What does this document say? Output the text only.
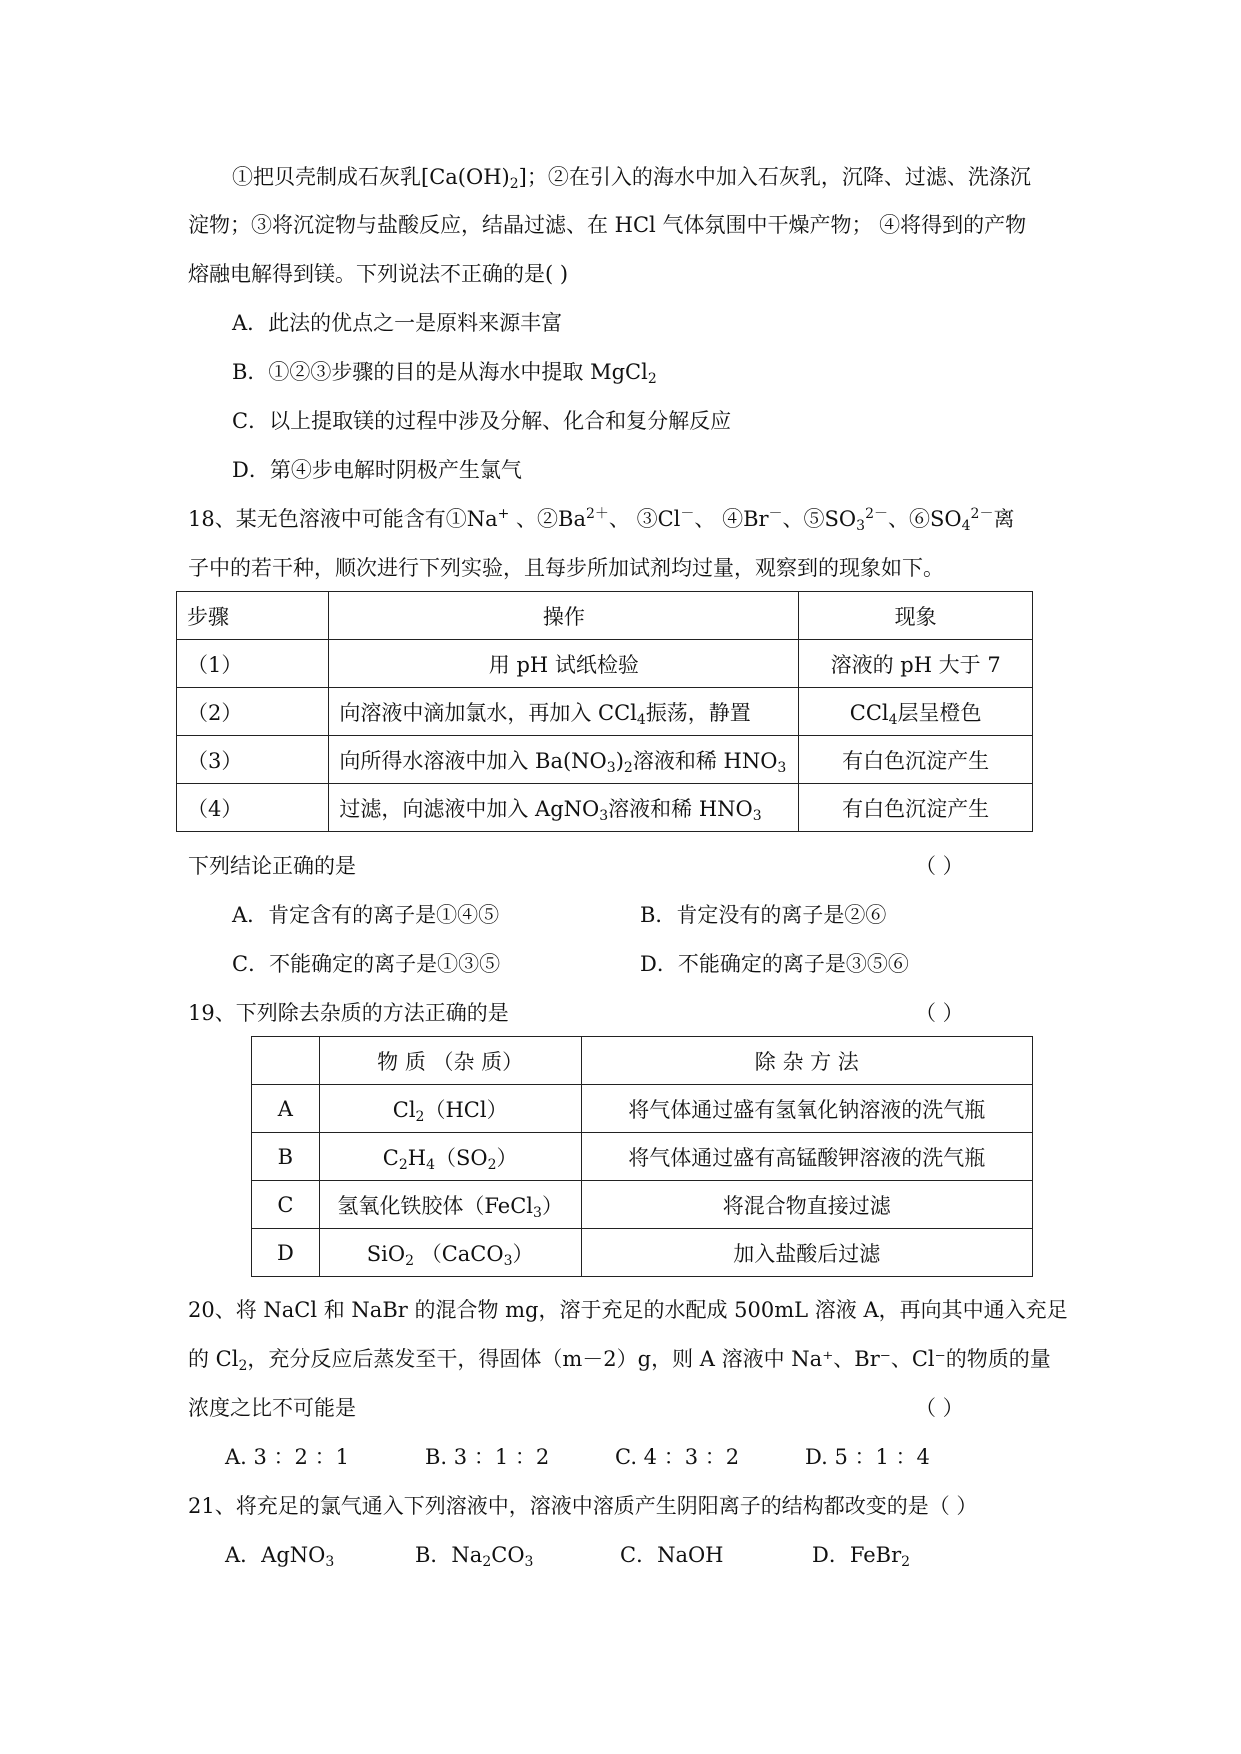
①把贝壳制成石灰乳$[Ca(OH)_2]$；②在引入的海水中加入石灰乳，沉降、过滤、洗涤沉
淀物；③将沉淀物与盐酸反应，结晶过滤、在 HCl 气体氛围中干燥产物； ④将得到的产物
熔融电解得到镁。下列说法不正确的是( )
A．此法的优点之一是原料来源丰富
B．①②③步骤的目的是从海水中提取 MgCl$_2$
C．以上提取镁的过程中涉及分解、化合和复分解反应
D．第④步电解时阴极产生氯气
18、某无色溶液中可能含有①Na+ 、$②Ba^{2+}$、 ③Cl－、 ④Br－、$⑤SO_3^{2-}$、$⑥SO_4^{2-}$离
子中的若干种，顺次进行下列实验，且每步所加试剂均过量，观察到的现象如下。
步骤	操作	现象
（1）	用 pH 试纸检验	溶液的 pH 大于 7
（2）	向溶液中滴加氯水，再加入 CCl$_4$振荡，静置	CCl$_4$层呈橙色
（3）	向所得水溶液中加入 $Ba(NO_3)_2$溶液和稀 $HNO_3$	有白色沉淀产生
（4）	过滤，向滤液中加入 AgNO$_3$溶液和稀 $HNO_3$	有白色沉淀产生
下列结论正确的是	（ ）
A．肯定含有的离子是①④⑤	B．肯定没有的离子是②⑥
C．不能确定的离子是①③⑤	D．不能确定的离子是③⑤⑥
19、下列除去杂质的方法正确的是	（ ）
	物 质 （杂 质）	除 杂 方 法
A	$Cl_2(HCl)$	将气体通过盛有氢氧化钠溶液的洗气瓶
B	$C_2H_4(SO_2)$	将气体通过盛有高锰酸钾溶液的洗气瓶
C	氢氧化铁胶体（FeCl$_3$）	将混合物直接过滤
D	SiO$_2$ （CaCO$_3$）	加入盐酸后过滤
20、将 NaCl 和 NaBr 的混合物 mg，溶于充足的水配成 500mL 溶液 A，再向其中通入充足
的 $Cl_2$，充分反应后蒸发至干，得固体（m－2）g，则 A 溶液中 Na⁺、Br⁻、Cl⁻的物质的量
浓度之比不可能是	（ ）
A. 3 ：2 ：1	B. 3 ：1 ：2	C. 4 ：3 ：2	D. 5 ：1 ：4
21、将充足的氯气通入下列溶液中，溶液中溶质产生阴阳离子的结构都改变的是（ ）
A．AgNO$_3$	B．$Na_2CO_3$	C．NaOH	D．FeBr$_2$
